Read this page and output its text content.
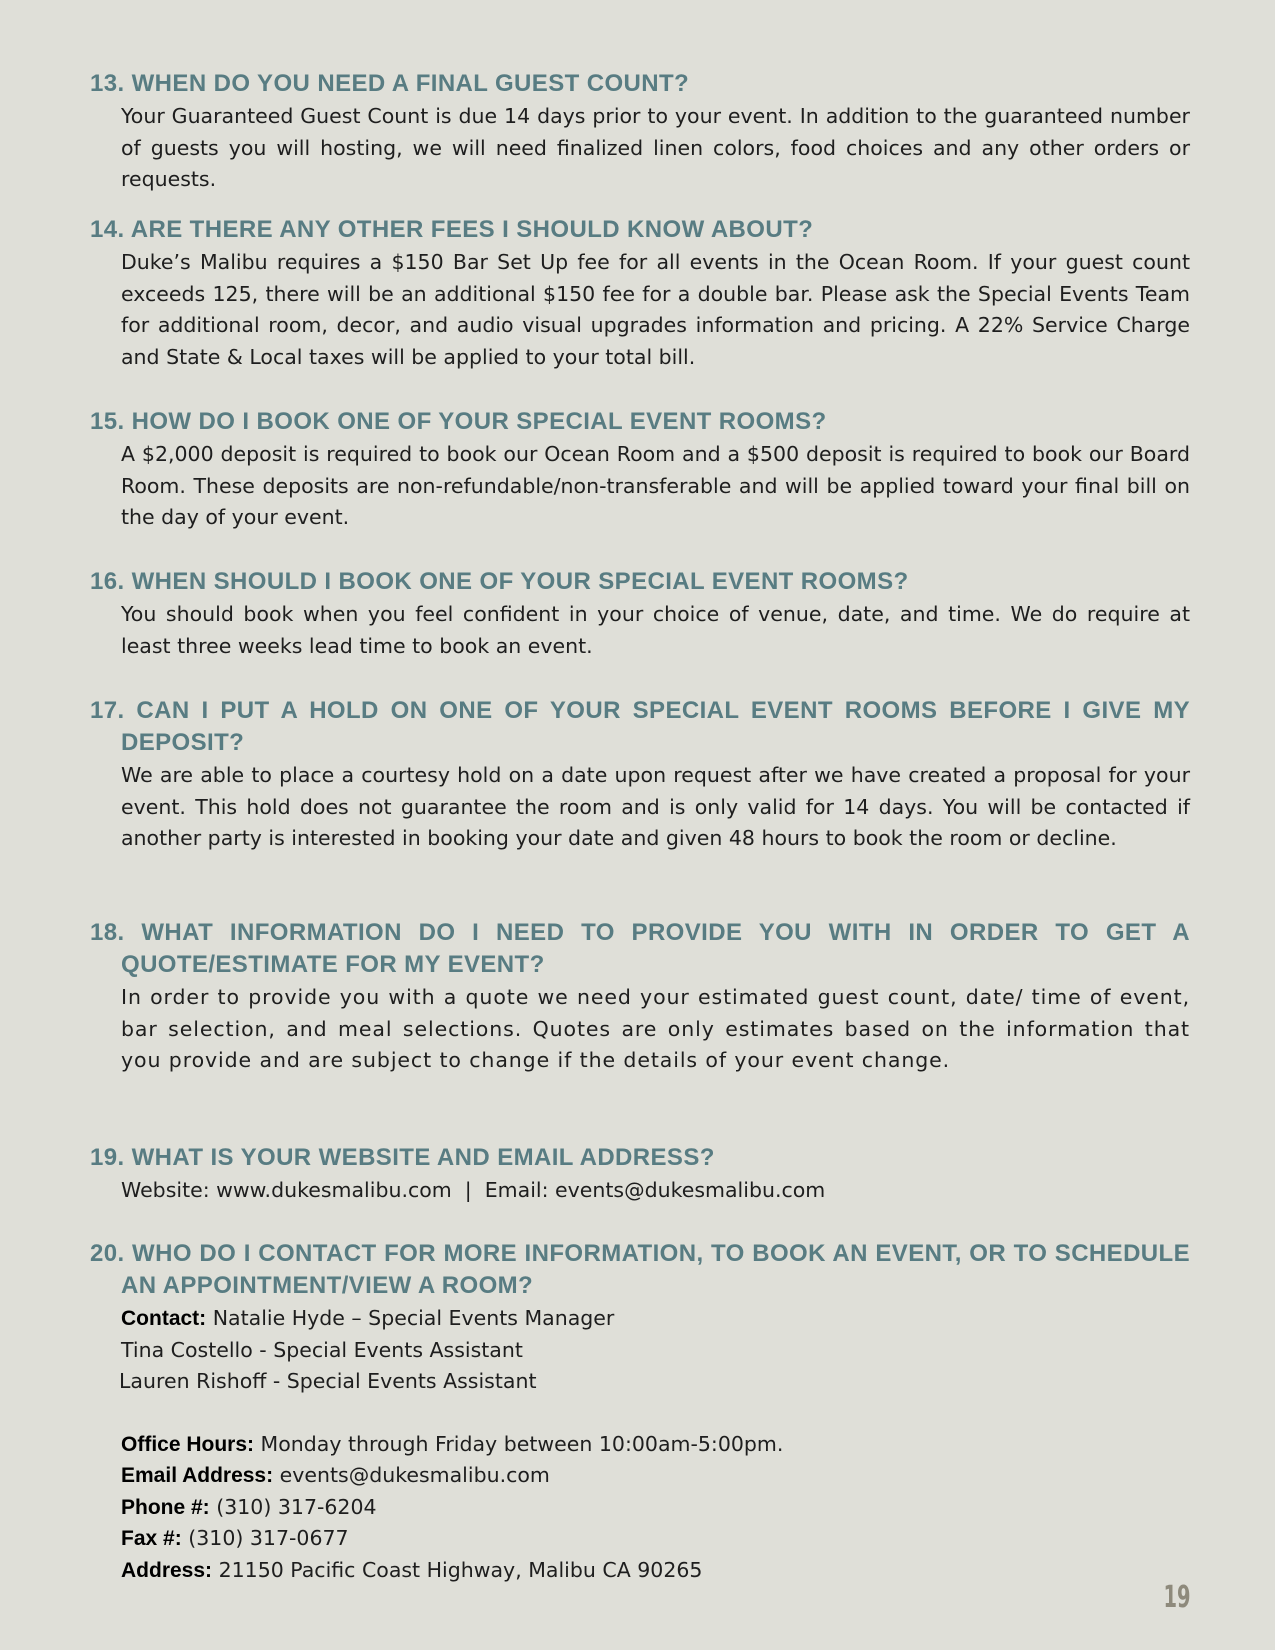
13. WHEN DO YOU NEED A FINAL GUEST COUNT?
Your Guaranteed Guest Count is due 14 days prior to your event. In addition to the guaranteed number of guests you will hosting, we will need finalized linen colors, food choices and any other orders or requests.
14. ARE THERE ANY OTHER FEES I SHOULD KNOW ABOUT?
Duke’s Malibu requires a $150 Bar Set Up fee for all events in the Ocean Room. If your guest count exceeds 125, there will be an additional $150 fee for a double bar. Please ask the Special Events Team for additional room, decor, and audio visual upgrades information and pricing. A 22% Service Charge and State & Local taxes will be applied to your total bill.
15. HOW DO I BOOK ONE OF YOUR SPECIAL EVENT ROOMS?
A $2,000 deposit is required to book our Ocean Room and a $500 deposit is required to book our Board Room. These deposits are non-refundable/non-transferable and will be applied toward your final bill on the day of your event.
16. WHEN SHOULD I BOOK ONE OF YOUR SPECIAL EVENT ROOMS?
You should book when you feel confident in your choice of venue, date, and time. We do require at least three weeks lead time to book an event.
17. CAN I PUT A HOLD ON ONE OF YOUR SPECIAL EVENT ROOMS BEFORE I GIVE MY DEPOSIT?
We are able to place a courtesy hold on a date upon request after we have created a proposal for your event. This hold does not guarantee the room and is only valid for 14 days. You will be contacted if another party is interested in booking your date and given 48 hours to book the room or decline.
18. WHAT INFORMATION DO I NEED TO PROVIDE YOU WITH IN ORDER TO GET A QUOTE/ESTIMATE FOR MY EVENT?
In order to provide you with a quote we need your estimated guest count, date/ time of event, bar selection, and meal selections. Quotes are only estimates based on the information that you provide and are subject to change if the details of your event change.
19. WHAT IS YOUR WEBSITE AND EMAIL ADDRESS?
Website: www.dukesmalibu.com  |  Email: events@dukesmalibu.com
20. WHO DO I CONTACT FOR MORE INFORMATION, TO BOOK AN EVENT, OR TO SCHEDULE AN APPOINTMENT/VIEW A ROOM?

Contact: Natalie Hyde – Special Events Manager

Tina Costello - Special Events Assistant

Lauren Rishoff - Special Events Assistant

Office Hours: Monday through Friday between 10:00am-5:00pm.

Email Address: events@dukesmalibu.com

Phone #: (310) 317-6204

Fax #: (310) 317-0677

Address: 21150 Pacific Coast Highway, Malibu CA 90265

19
